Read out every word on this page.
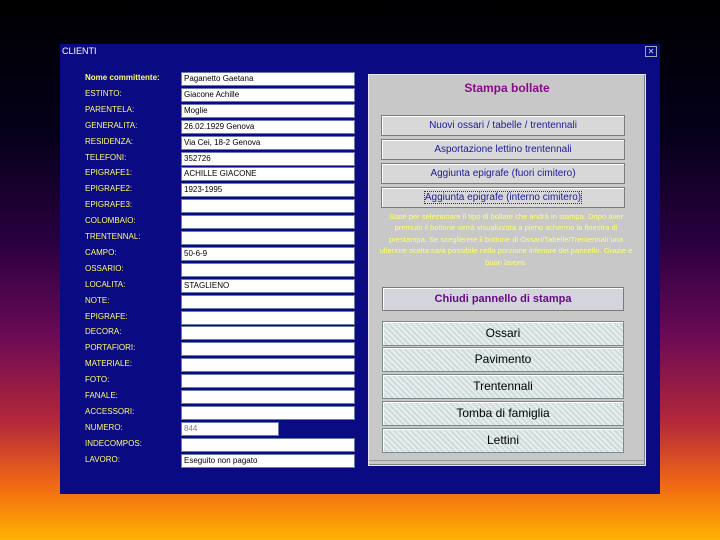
CLIENTI	✕
Nome committente:	Paganetto Gaetana
ESTINTO:	Giacone Achille
PARENTELA:	Moglie
GENERALITA:	26.02.1929 Genova
RESIDENZA:	Via Cei, 18-2 Genova
TELEFONI:	352726
EPIGRAFE1:	ACHILLE GIACONE
EPIGRAFE2:	1923-1995
EPIGRAFE3:
COLOMBAIO:
TRENTENNAL:
CAMPO:	50-6-9
OSSARIO:
LOCALITA:	STAGLIENO
NOTE:
EPIGRAFE:
DECORA:
PORTAFIORI:
MATERIALE:
FOTO:
FANALE:
ACCESSORI:
NUMERO:	844
INDECOMPOS:
LAVORO:	Eseguito non pagato
Stampa bollate
Nuovi ossari / tabelle / trentennali
Asportazione lettino trentennali
Aggiunta epigrafe (fuori cimitero)
Aggiunta epigrafe (interno cimitero)
State per selezionare il tipo di bollate che andrà in stampa. Dopo aver premuto il bottone verrà visualizzata a pieno schermo la finestra di prestampa. Se sceglierete il bottone di Ossari/Tabelle/Trentennali una ulteriore scelta sarà possibile nella porzione inferiore del pannello. Grazie e buon lavoro.
Chiudi pannello di stampa
Ossari
Pavimento
Trentennali
Tomba di famiglia
Lettini
